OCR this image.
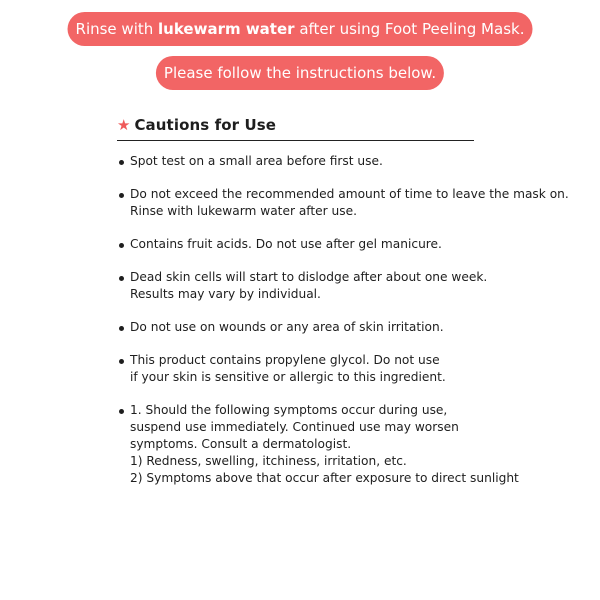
Rinse with lukewarm water after using Foot Peeling Mask.
Please follow the instructions below.
★ Cautions for Use
Spot test on a small area before first use.
Do not exceed the recommended amount of time to leave the mask on.
Rinse with lukewarm water after use.
Contains fruit acids. Do not use after gel manicure.
Dead skin cells will start to dislodge after about one week.
Results may vary by individual.
Do not use on wounds or any area of skin irritation.
This product contains propylene glycol. Do not use
if your skin is sensitive or allergic to this ingredient.
1. Should the following symptoms occur during use,
suspend use immediately. Continued use may worsen
symptoms. Consult a dermatologist.
1) Redness, swelling, itchiness, irritation, etc.
2) Symptoms above that occur after exposure to direct sunlight
